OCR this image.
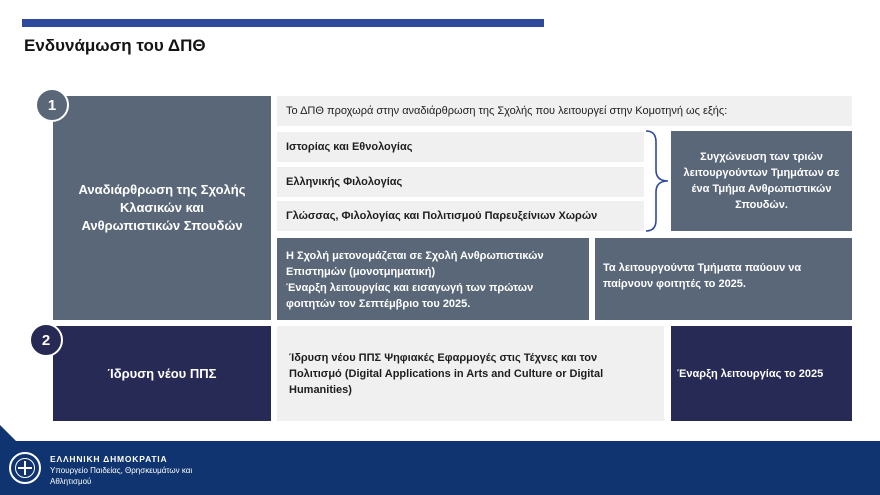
Ενδυνάμωση του ΔΠΘ
Αναδιάρθρωση της Σχολής Κλασικών και Ανθρωπιστικών Σπουδών
1	Το ΔΠΘ προχωρά στην αναδιάρθρωση της Σχολής που λειτουργεί στην Κομοτηνή ως εξής:
Ιστορίας και Εθνολογίας
Ελληνικής Φιλολογίας
Γλώσσας, Φιλολογίας και Πολιτισμού Παρευξείνιων Χωρών
Συγχώνευση των τριών λειτουργούντων Τμημάτων σε ένα Τμήμα Ανθρωπιστικών Σπουδών.
Η Σχολή μετονομάζεται σε Σχολή Ανθρωπιστικών Επιστημών (μονοτμηματική)
Έναρξη λειτουργίας και εισαγωγή των πρώτων φοιτητών τον Σεπτέμβριο του 2025.
Τα λειτουργούντα Τμήματα παύουν να παίρνουν φοιτητές το 2025.
Ίδρυση νέου ΠΠΣ
2
Ίδρυση νέου ΠΠΣ Ψηφιακές Εφαρμογές στις Τέχνες και τον Πολιτισμό (Digital Applications in Arts and Culture or Digital Humanities)
Έναρξη λειτουργίας το 2025
ΕΛΛΗΝΙΚΗ ΔΗΜΟΚΡΑΤΙΑ
Υπουργείο Παιδείας, Θρησκευμάτων και Αθλητισμού
